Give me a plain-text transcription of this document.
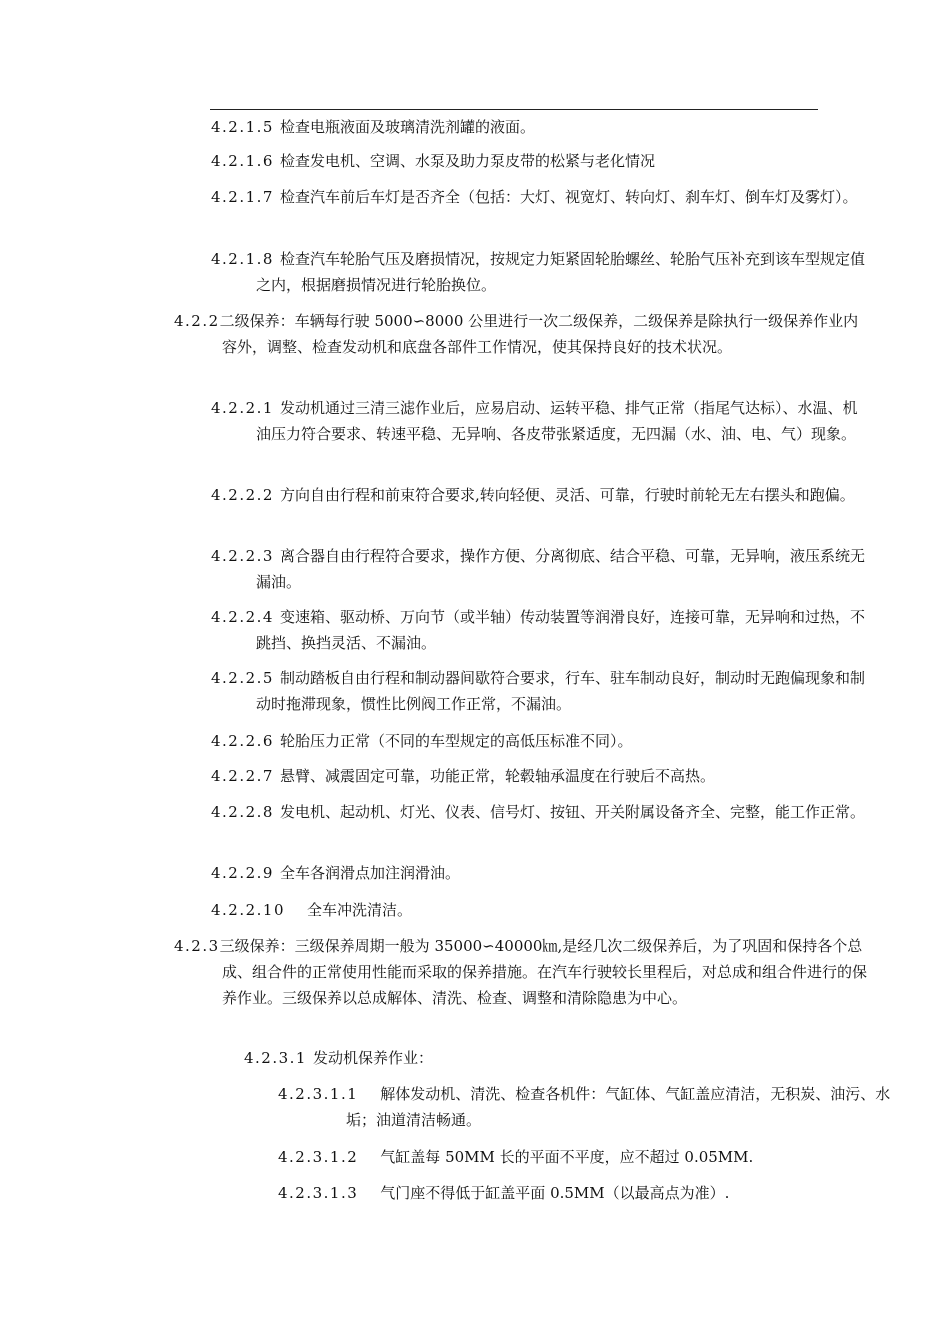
4.2.1.5 检查电瓶液面及玻璃清洗剂罐的液面。

4.2.1.6 检查发电机、空调、水泵及助力泵皮带的松紧与老化情况

4.2.1.7 检查汽车前后车灯是否齐全（包括：大灯、视宽灯、转向灯、刹车灯、倒车灯及雾灯）。

4.2.1.8 检查汽车轮胎气压及磨损情况，按规定力矩紧固轮胎螺丝、轮胎气压补充到该车型规定值之内，根据磨损情况进行轮胎换位。

4.2.2二级保养：车辆每行驶 5000∽8000 公里进行一次二级保养，二级保养是除执行一级保养作业内容外，调整、检查发动机和底盘各部件工作情况，使其保持良好的技术状况。

4.2.2.1 发动机通过三清三滤作业后，应易启动、运转平稳、排气正常（指尾气达标）、水温、机油压力符合要求、转速平稳、无异响、各皮带张紧适度，无四漏（水、油、电、气）现象。

4.2.2.2 方向自由行程和前束符合要求,转向轻便、灵活、可靠，行驶时前轮无左右摆头和跑偏。

4.2.2.3 离合器自由行程符合要求，操作方便、分离彻底、结合平稳、可靠，无异响，液压系统无漏油。

4.2.2.4 变速箱、驱动桥、万向节（或半轴）传动装置等润滑良好，连接可靠，无异响和过热，不跳挡、换挡灵活、不漏油。

4.2.2.5 制动踏板自由行程和制动器间歇符合要求，行车、驻车制动良好，制动时无跑偏现象和制动时拖滞现象，惯性比例阀工作正常，不漏油。

4.2.2.6 轮胎压力正常（不同的车型规定的高低压标准不同）。

4.2.2.7 悬臂、减震固定可靠，功能正常，轮毂轴承温度在行驶后不高热。

4.2.2.8 发电机、起动机、灯光、仪表、信号灯、按钮、开关附属设备齐全、完整，能工作正常。

4.2.2.9 全车各润滑点加注润滑油。

4.2.2.10 全车冲洗清洁。

4.2.3三级保养：三级保养周期一般为 35000∽40000㎞,是经几次二级保养后，为了巩固和保持各个总成、组合件的正常使用性能而采取的保养措施。在汽车行驶较长里程后，对总成和组合件进行的保养作业。三级保养以总成解体、清洗、检查、调整和清除隐患为中心。

4.2.3.1 发动机保养作业：

4.2.3.1.1 解体发动机、清洗、检查各机件：气缸体、气缸盖应清洁，无积炭、油污、水垢；油道清洁畅通。

4.2.3.1.2 气缸盖每 50MM 长的平面不平度，应不超过 0.05MM.

4.2.3.1.3 气门座不得低于缸盖平面 0.5MM（以最高点为准）.
